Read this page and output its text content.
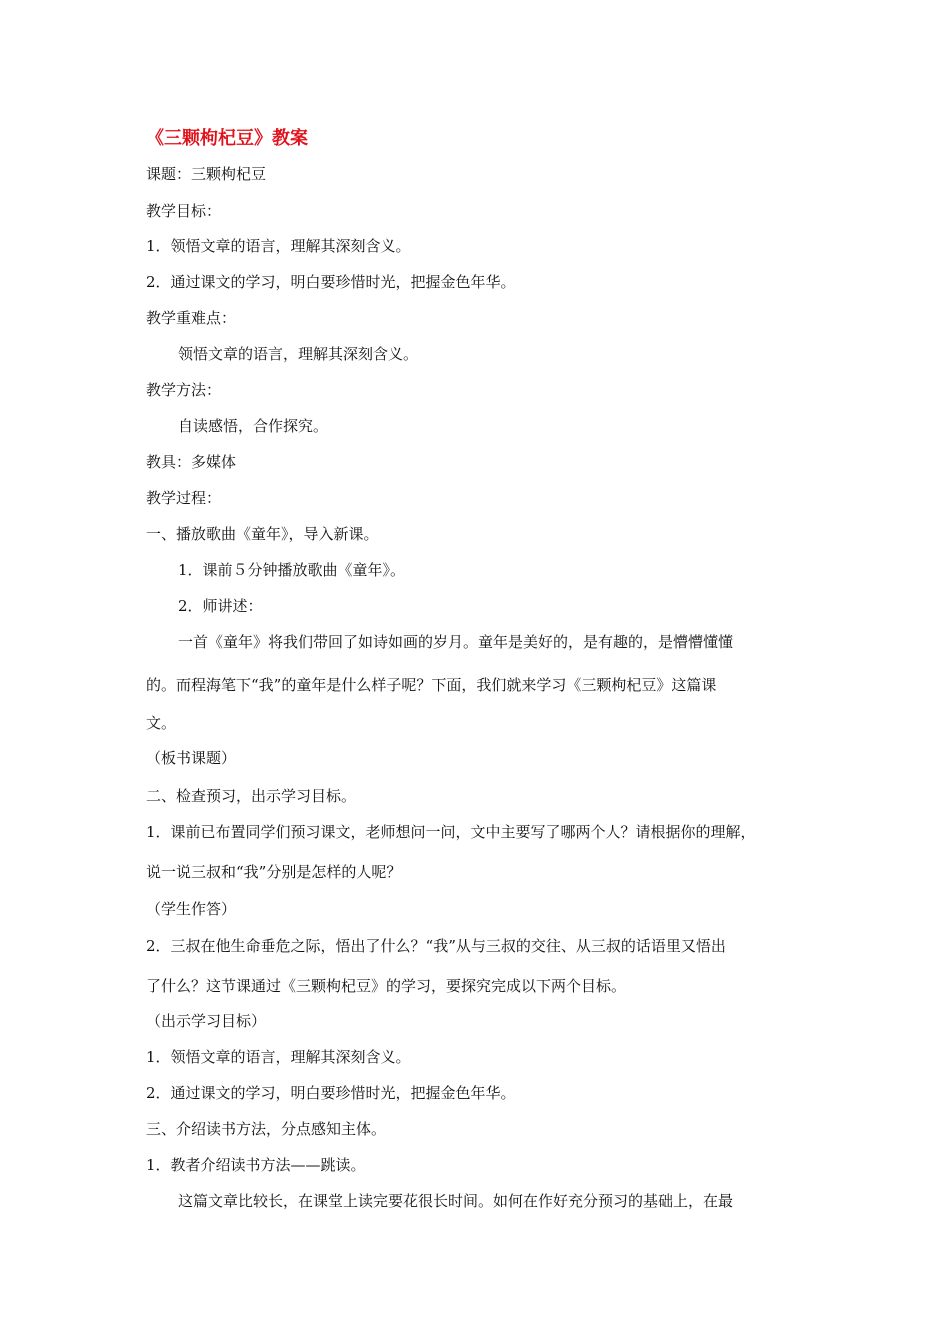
《三颗枸杞豆》教案
课题：三颗枸杞豆
教学目标：
1．领悟文章的语言，理解其深刻含义。
2．通过课文的学习，明白要珍惜时光，把握金色年华。
教学重难点：
领悟文章的语言，理解其深刻含义。
教学方法：
自读感悟，合作探究。
教具：多媒体
教学过程：
一、播放歌曲《童年》，导入新课。
1．课前５分钟播放歌曲《童年》。
2．师讲述：
一首《童年》将我们带回了如诗如画的岁月。童年是美好的，是有趣的，是懵懵懂懂
的。而程海笔下“我”的童年是什么样子呢？下面，我们就来学习《三颗枸杞豆》这篇课
文。
（板书课题）
二、检查预习，出示学习目标。
1．课前已布置同学们预习课文，老师想问一问，文中主要写了哪两个人？请根据你的理解，
说一说三叔和“我”分别是怎样的人呢？
（学生作答）
2．三叔在他生命垂危之际，悟出了什么？“我”从与三叔的交往、从三叔的话语里又悟出
了什么？这节课通过《三颗枸杞豆》的学习，要探究完成以下两个目标。
（出示学习目标）
1．领悟文章的语言，理解其深刻含义。
2．通过课文的学习，明白要珍惜时光，把握金色年华。
三、介绍读书方法，分点感知主体。
1．教者介绍读书方法——跳读。
这篇文章比较长，在课堂上读完要花很长时间。如何在作好充分预习的基础上，在最
